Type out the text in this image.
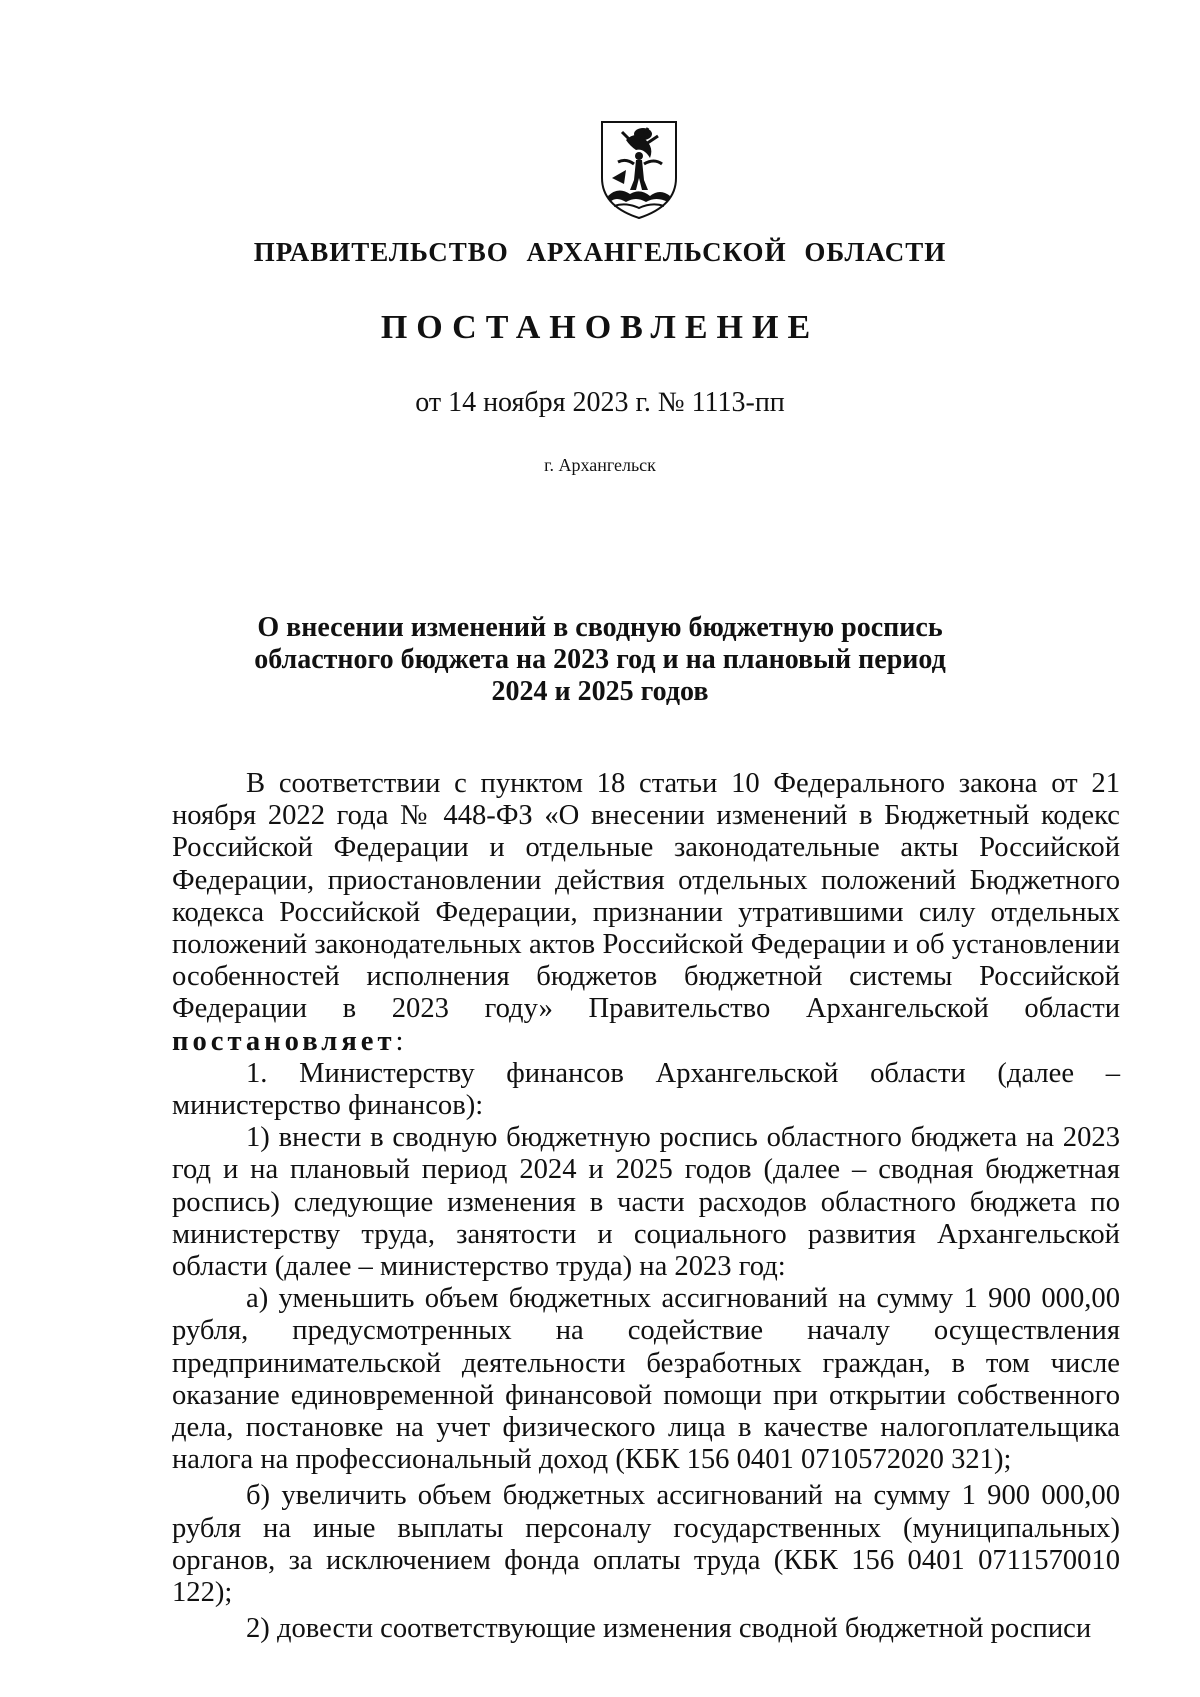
ПРАВИТЕЛЬСТВО АРХАНГЕЛЬСКОЙ ОБЛАСТИ
ПОСТАНОВЛЕНИЕ
от 14 ноября 2023 г. № 1113-пп
г. Архангельск
О внесении изменений в сводную бюджетную роспись
областного бюджета на 2023 год и на плановый период
2024 и 2025 годов

В соответствии с пунктом 18 статьи 10 Федерального закона от 21 ноября 2022 года № 448-ФЗ «О внесении изменений в Бюджетный кодекс Российской Федерации и отдельные законодательные акты Российской Федерации, приостановлении действия отдельных положений Бюджетного кодекса Российской Федерации, признании утратившими силу отдельных положений законодательных актов Российской Федерации и об установлении особенностей исполнения бюджетов бюджетной системы Российской Федерации в 2023 году» Правительство Архангельской области постановляет:

1. Министерству финансов Архангельской области (далее – министерство финансов):

1) внести в сводную бюджетную роспись областного бюджета на 2023 год и на плановый период 2024 и 2025 годов (далее – сводная бюджетная роспись) следующие изменения в части расходов областного бюджета по министерству труда, занятости и социального развития Архангельской области (далее – министерство труда) на 2023 год:

а) уменьшить объем бюджетных ассигнований на сумму 1 900 000,00 рубля, предусмотренных на содействие началу осуществления предпринимательской деятельности безработных граждан, в том числе оказание единовременной финансовой помощи при открытии собственного дела, постановке на учет физического лица в качестве налогоплательщика налога на профессиональный доход (КБК 156 0401 0710572020 321);

б) увеличить объем бюджетных ассигнований на сумму 1 900 000,00 рубля на иные выплаты персоналу государственных (муниципальных) органов, за исключением фонда оплаты труда (КБК 156 0401 0711570010 122);

2) довести соответствующие изменения сводной бюджетной росписи
